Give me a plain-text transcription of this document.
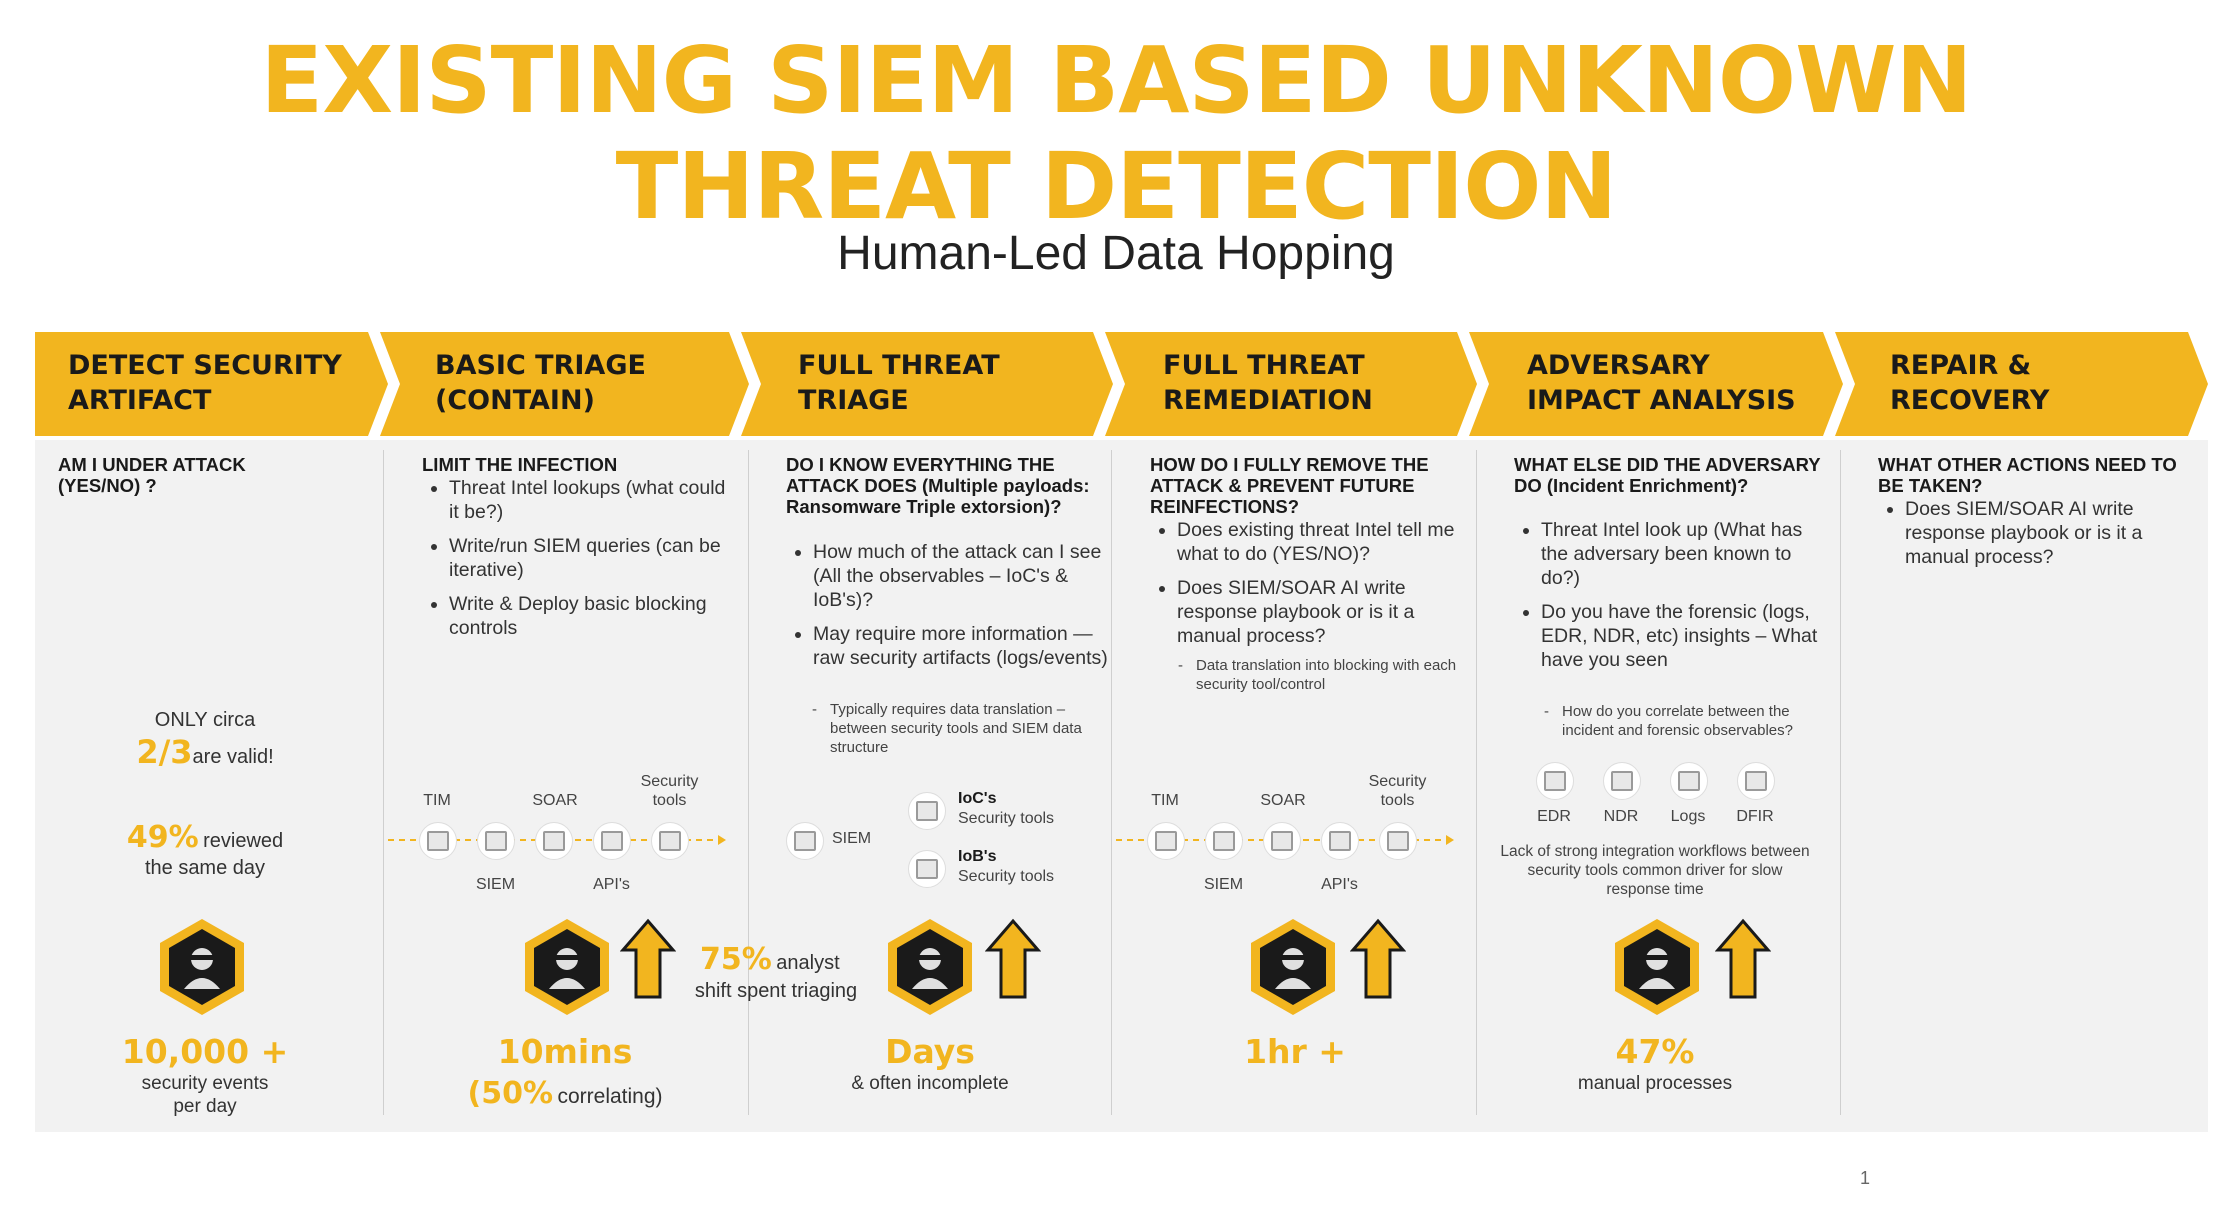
EXISTING SIEM BASED UNKNOWN
THREAT DETECTION
Human-Led Data Hopping
DETECT SECURITY
ARTIFACT
BASIC TRIAGE
(CONTAIN)
FULL THREAT
TRIAGE
FULL THREAT
REMEDIATION
ADVERSARY
IMPACT ANALYSIS
REPAIR &
RECOVERY
AM I UNDER ATTACK (YES/NO) ?
ONLY circa
2/3are valid!
49% reviewed
the same day
10,000 +
security events
per day
LIMIT THE INFECTION
• Threat Intel lookups (what could it be?)
• Write/run SIEM queries (can be iterative)
• Write & Deploy basic blocking controls
TIM	SOAR
Security tools
SIEM	API's
10mins
(50% correlating)
75% analyst
shift spent triaging
DO I KNOW EVERYTHING THE ATTACK DOES (Multiple payloads: Ransomware Triple extorsion)?
• How much of the attack can I see (All the observables – IoC's & IoB's)?
• May require more information — raw security artifacts (logs/events)
- Typically requires data translation – between security tools and SIEM data structure
SIEM
IoC's
Security tools
IoB's
Security tools
Days
& often incomplete
HOW DO I FULLY REMOVE THE ATTACK & PREVENT FUTURE REINFECTIONS?
• Does existing threat Intel tell me what to do (YES/NO)?
• Does SIEM/SOAR AI write response playbook or is it a manual process?
- Data translation into blocking with each security tool/control
TIM	SOAR
Security tools
SIEM	API's
1hr +
WHAT ELSE DID THE ADVERSARY DO (Incident Enrichment)?
• Threat Intel look up (What has the adversary been known to do?)
• Do you have the forensic (logs, EDR, NDR, etc) insights – What have you seen
- How do you correlate between the incident and forensic observables?
EDR	NDR	Logs	DFIR
Lack of strong integration workflows between security tools common driver for slow response time
47%
manual processes
WHAT OTHER ACTIONS NEED TO BE TAKEN?
• Does SIEM/SOAR AI write response playbook or is it a manual process?
1
